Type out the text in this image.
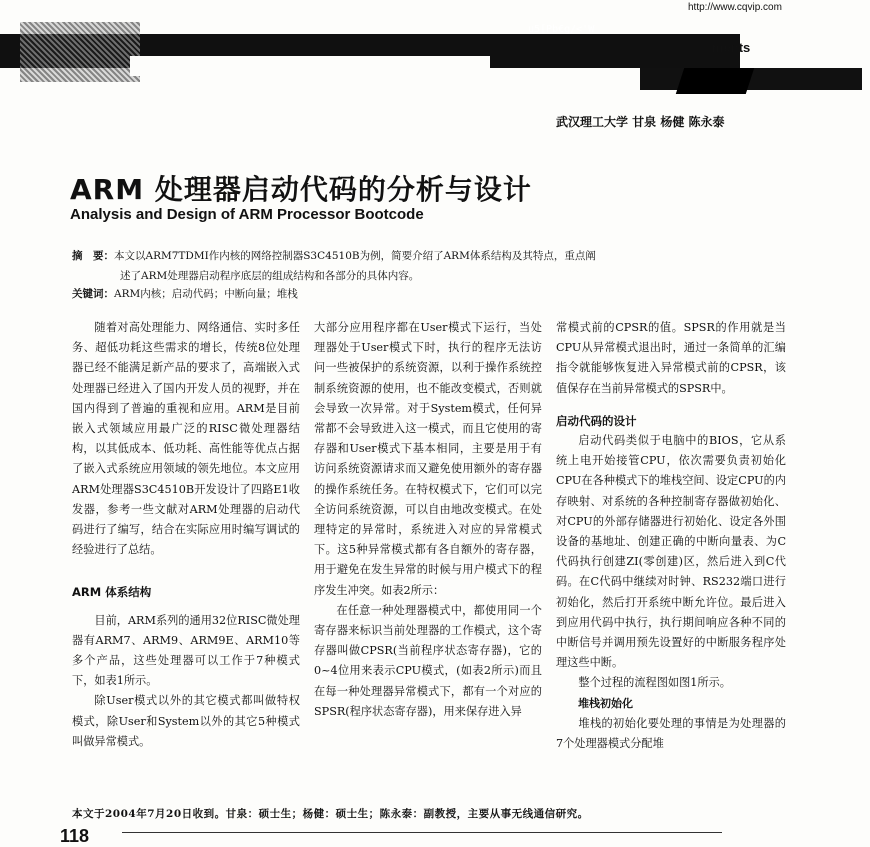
http://www.cqvip.com
u5[Pb€g/<'W
ments
武汉理工大学 甘泉 杨健 陈永泰
ARM 处理器启动代码的分析与设计
Analysis and Design of ARM Processor Bootcode
摘　要：本文以ARM7TDMI作内核的网络控制器S3C4510B为例，简要介绍了ARM体系结构及其特点，重点阐
述了ARM处理器启动程序底层的组成结构和各部分的具体内容。
关键词：ARM内核；启动代码；中断向量；堆栈

随着对高处理能力、网络通信、实时多任务、超低功耗这些需求的增长，传统8位处理器已经不能满足新产品的要求了，高端嵌入式处理器已经进入了国内开发人员的视野，并在国内得到了普遍的重视和应用。ARM是目前嵌入式领域应用最广泛的RISC微处理器结构，以其低成本、低功耗、高性能等优点占据了嵌入式系统应用领域的领先地位。本文应用ARM处理器S3C4510B开发设计了四路E1收发器，参考一些文献对ARM处理器的启动代码进行了编写，结合在实际应用时编写调试的经验进行了总结。

ARM 体系结构

目前，ARM系列的通用32位RISC微处理器有ARM7、ARM9、ARM9E、ARM10等多个产品，这些处理器可以工作于7种模式下，如表1所示。

除User模式以外的其它模式都叫做特权模式，除User和System以外的其它5种模式叫做异常模式。

大部分应用程序都在User模式下运行，当处理器处于User模式下时，执行的程序无法访问一些被保护的系统资源，以利于操作系统控制系统资源的使用，也不能改变模式，否则就会导致一次异常。对于System模式，任何异常都不会导致进入这一模式，而且它使用的寄存器和User模式下基本相同，主要是用于有访问系统资源请求而又避免使用额外的寄存器的操作系统任务。在特权模式下，它们可以完全访问系统资源，可以自由地改变模式。在处理特定的异常时，系统进入对应的异常模式下。这5种异常模式都有各自额外的寄存器，用于避免在发生异常的时候与用户模式下的程序发生冲突。如表2所示：

在任意一种处理器模式中，都使用同一个寄存器来标识当前处理器的工作模式，这个寄存器叫做CPSR(当前程序状态寄存器)，它的0~4位用来表示CPU模式，(如表2所示)而且在每一种处理器异常模式下，都有一个对应的SPSR(程序状态寄存器)，用来保存进入异

常模式前的CPSR的值。SPSR的作用就是当CPU从异常模式退出时，通过一条简单的汇编指令就能够恢复进入异常模式前的CPSR，该值保存在当前异常模式的SPSR中。

启动代码的设计

启动代码类似于电脑中的BIOS，它从系统上电开始接管CPU，依次需要负责初始化CPU在各种模式下的堆栈空间、设定CPU的内存映射、对系统的各种控制寄存器做初始化、对CPU的外部存储器进行初始化、设定各外围设备的基地址、创建正确的中断向量表、为C代码执行创建ZI(零创建)区，然后进入到C代码。在C代码中继续对时钟、RS232端口进行初始化，然后打开系统中断允许位。最后进入到应用代码中执行，执行期间响应各种不同的中断信号并调用预先设置好的中断服务程序处理这些中断。

整个过程的流程图如图1所示。

堆栈初始化

堆栈的初始化要处理的事情是为处理器的7个处理器模式分配堆

本文于2004年7月20日收到。甘泉：硕士生；杨健：硕士生；陈永泰：副教授，主要从事无线通信研究。
118
